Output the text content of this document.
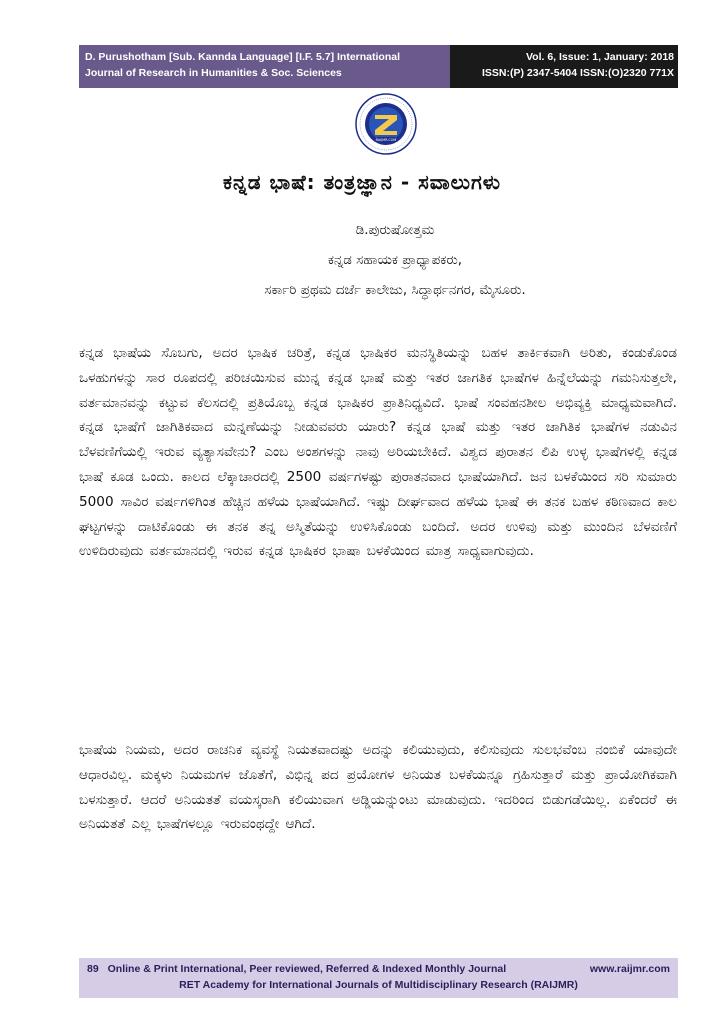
D. Purushotham [Sub. Kannda Language] [I.F. 5.7] International
Journal of Research in Humanities & Soc. Sciences
Vol. 6, Issue: 1, January: 2018
ISSN:(P) 2347-5404 ISSN:(O)2320 771X
RAIJMR.COM
ಕನ್ನಡ ಭಾಷೆ: ತಂತ್ರಜ್ಞಾನ - ಸವಾಲುಗಳು
ಡಿ.ಪುರುಷೋತ್ತಮ
ಕನ್ನಡ ಸಹಾಯಕ ಪ್ರಾಧ್ಯಾಪಕರು,
ಸರ್ಕಾರಿ ಪ್ರಥಮ ದರ್ಜೆ ಕಾಲೇಜು, ಸಿದ್ಧಾರ್ಥನಗರ, ಮೈಸೂರು.
ಕನ್ನಡ ಭಾಷೆಯ ಸೊಬಗು, ಅದರ ಭಾಷಿಕ ಚರಿತ್ರೆ, ಕನ್ನಡ ಭಾಷಿಕರ ಮನಸ್ಥಿತಿಯನ್ನು ಬಹಳ ತಾರ್ಕಿಕವಾಗಿ ಅರಿತು, ಕಂಡುಕೊಂಡ ಒಳಹುಗಳನ್ನು ಸಾರ ರೂಪದಲ್ಲಿ ಪರಿಚಯಿಸುವ ಮುನ್ನ ಕನ್ನಡ ಭಾಷೆ ಮತ್ತು ಇತರ ಜಾಗತಿಕ ಭಾಷೆಗಳ ಹಿನ್ನೆಲೆಯನ್ನು ಗಮನಿಸುತ್ತಲೇ, ವರ್ತಮಾನವನ್ನು ಕಟ್ಟುವ ಕೆಲಸದಲ್ಲಿ ಪ್ರತಿಯೊಬ್ಬ ಕನ್ನಡ ಭಾಷಿಕರ ಪ್ರಾತಿನಿಧ್ಯವಿದೆ. ಭಾಷೆ ಸಂವಹನಶೀಲ ಅಭಿವ್ಯಕ್ತಿ ಮಾಧ್ಯಮವಾಗಿದೆ. ಕನ್ನಡ ಭಾಷೆಗೆ ಜಾಗಿತಿಕವಾದ ಮನ್ನಣೆಯನ್ನು ನೀಡುವವರು ಯಾರು? ಕನ್ನಡ ಭಾಷೆ ಮತ್ತು ಇತರ ಜಾಗಿತಿಕ ಭಾಷೆಗಳ ನಡುವಿನ ಬೆಳವಣಿಗೆಯಲ್ಲಿ ಇರುವ ವ್ಯತ್ಯಾಸವೇನು? ಎಂಬ ಅಂಶಗಳನ್ನು ನಾವು ಅರಿಯಬೇಕಿದೆ. ವಿಶ್ವದ ಪುರಾತನ ಲಿಪಿ ಉಳ್ಳ ಭಾಷೆಗಳಲ್ಲಿ ಕನ್ನಡ ಭಾಷೆ ಕೂಡ ಒಂದು. ಕಾಲದ ಲೆಕ್ಕಾಚಾರದಲ್ಲಿ 2500 ವರ್ಷಗಳಷ್ಟು ಪುರಾತನವಾದ ಭಾಷೆಯಾಗಿದೆ. ಜನ ಬಳಕೆಯಿಂದ ಸರಿ ಸುಮಾರು 5000 ಸಾವಿರ ವರ್ಷಗಳಿಗಿಂತ ಹೆಚ್ಚಿನ ಹಳೆಯ ಭಾಷೆಯಾಗಿದೆ. ಇಷ್ಟು ದೀರ್ಘವಾದ ಹಳೆಯ ಭಾಷೆ ಈ ತನಕ ಬಹಳ ಕಠಿಣವಾದ ಕಾಲ ಘಟ್ಟಗಳನ್ನು ದಾಟಿಕೊಂಡು ಈ ತನಕ ತನ್ನ ಅಸ್ಮಿತೆಯನ್ನು ಉಳಿಸಿಕೊಂಡು ಬಂದಿದೆ. ಅದರ ಉಳಿವು ಮತ್ತು ಮುಂದಿನ ಬೆಳವಣಿಗೆ ಉಳಿದಿರುವುದು ವರ್ತಮಾನದಲ್ಲಿ ಇರುವ ಕನ್ನಡ ಭಾಷಿಕರ ಭಾಷಾ ಬಳಕೆಯಿಂದ ಮಾತ್ರ ಸಾಧ್ಯವಾಗುವುದು.
ಭಾಷೆಯ ನಿಯಮ, ಅದರ ರಾಚನಿಕ ವ್ಯವಸ್ಥೆ ನಿಯತವಾದಷ್ಟು ಅದನ್ನು ಕಲಿಯುವುದು, ಕಲಿಸುವುದು ಸುಲಭವೆಂಬ ನಂಬಿಕೆ ಯಾವುದೇ ಆಧಾರವಿಲ್ಲ. ಮಕ್ಕಳು ನಿಯಮಗಳ ಜೊತೆಗೆ, ವಿಭಿನ್ನ ಪದ ಪ್ರಯೋಗಳ ಅನಿಯತ ಬಳಕೆಯನ್ನೂ ಗ್ರಹಿಸುತ್ತಾರೆ ಮತ್ತು ಪ್ರಾಯೋಗಿಕವಾಗಿ ಬಳಸುತ್ತಾರೆ. ಆದರೆ ಅನಿಯತತೆ ವಯಸ್ಕರಾಗಿ ಕಲಿಯುವಾಗ ಅಡ್ಡಿಯನ್ನುಂಟು ಮಾಡುವುದು. ಇದರಿಂದ ಬಿಡುಗಡೆಯಿಲ್ಲ. ಏಕೆಂದರೆ ಈ ಅನಿಯತತೆ ಎಲ್ಲ ಭಾಷೆಗಳಲ್ಲೂ ಇರುವಂಥದ್ದೇ ಆಗಿದೆ.
89 Online & Print International, Peer reviewed, Referred & Indexed Monthly Journal	www.raijmr.com
RET Academy for International Journals of Multidisciplinary Research (RAIJMR)
